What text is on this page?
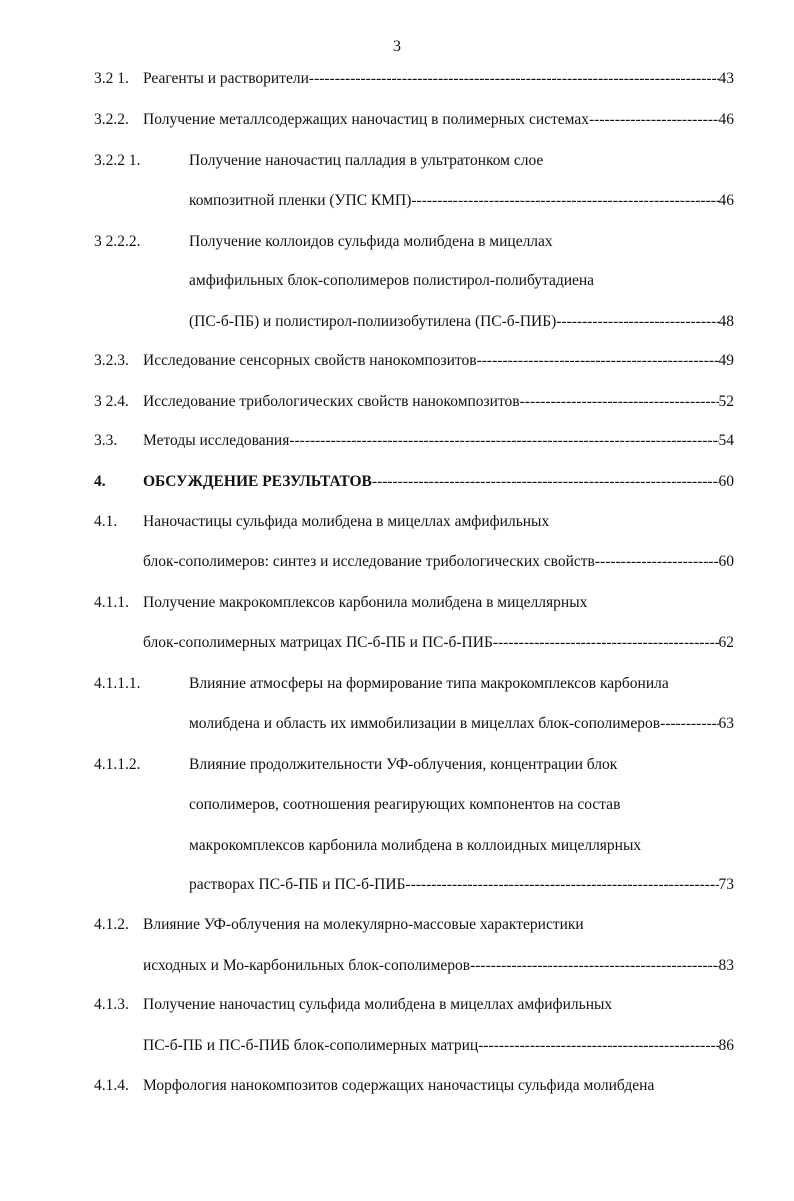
3
3.2 1. Реагенты и растворители -----	43
3.2.2. Получение металлсодержащих наночастиц в полимерных системах -----	46
3.2.2 1.	Получение наночастиц палладия в ультратонком слое
композитной пленки (УПС КМП) -----	46
3 2.2.2.	Получение коллоидов сульфида молибдена в мицеллах
амфифильных блок-сополимеров полистирол-полибутадиена
(ПС-б-ПБ) и полистирол-полиизобутилена (ПС-б-ПИБ) -----	48
3.2.3. Исследование сенсорных свойств нанокомпозитов -----	49
3 2.4. Исследование трибологических свойств нанокомпозитов -----	52
3.3. Методы исследования -----	54
4. ОБСУЖДЕНИЕ РЕЗУЛЬТАТОВ -----	60
4.1. Наночастицы сульфида молибдена в мицеллах амфифильных
блок-сополимеров: синтез и исследование трибологических свойств -----	60
4.1.1. Получение макрокомплексов карбонила молибдена в мицеллярных
блок-сополимерных матрицах ПС-б-ПБ и ПС-б-ПИБ -----	62
4.1.1.1.	Влияние атмосферы на формирование типа макрокомплексов карбонила
молибдена и область их иммобилизации в мицеллах блок-сополимеров -----	63
4.1.1.2.	Влияние продолжительности УФ-облучения, концентрации блок
сополимеров, соотношения реагирующих компонентов на состав
макрокомплексов карбонила молибдена в коллоидных мицеллярных
растворах ПС-б-ПБ и ПС-б-ПИБ -----	73
4.1.2. Влияние УФ-облучения на молекулярно-массовые характеристики
исходных и Мо-карбонильных блок-сополимеров -----	83
4.1.3. Получение наночастиц сульфида молибдена в мицеллах амфифильных
ПС-б-ПБ и ПС-б-ПИБ блок-сополимерных матриц -----	86
4.1.4. Морфология нанокомпозитов содержащих наночастицы сульфида молибдена
